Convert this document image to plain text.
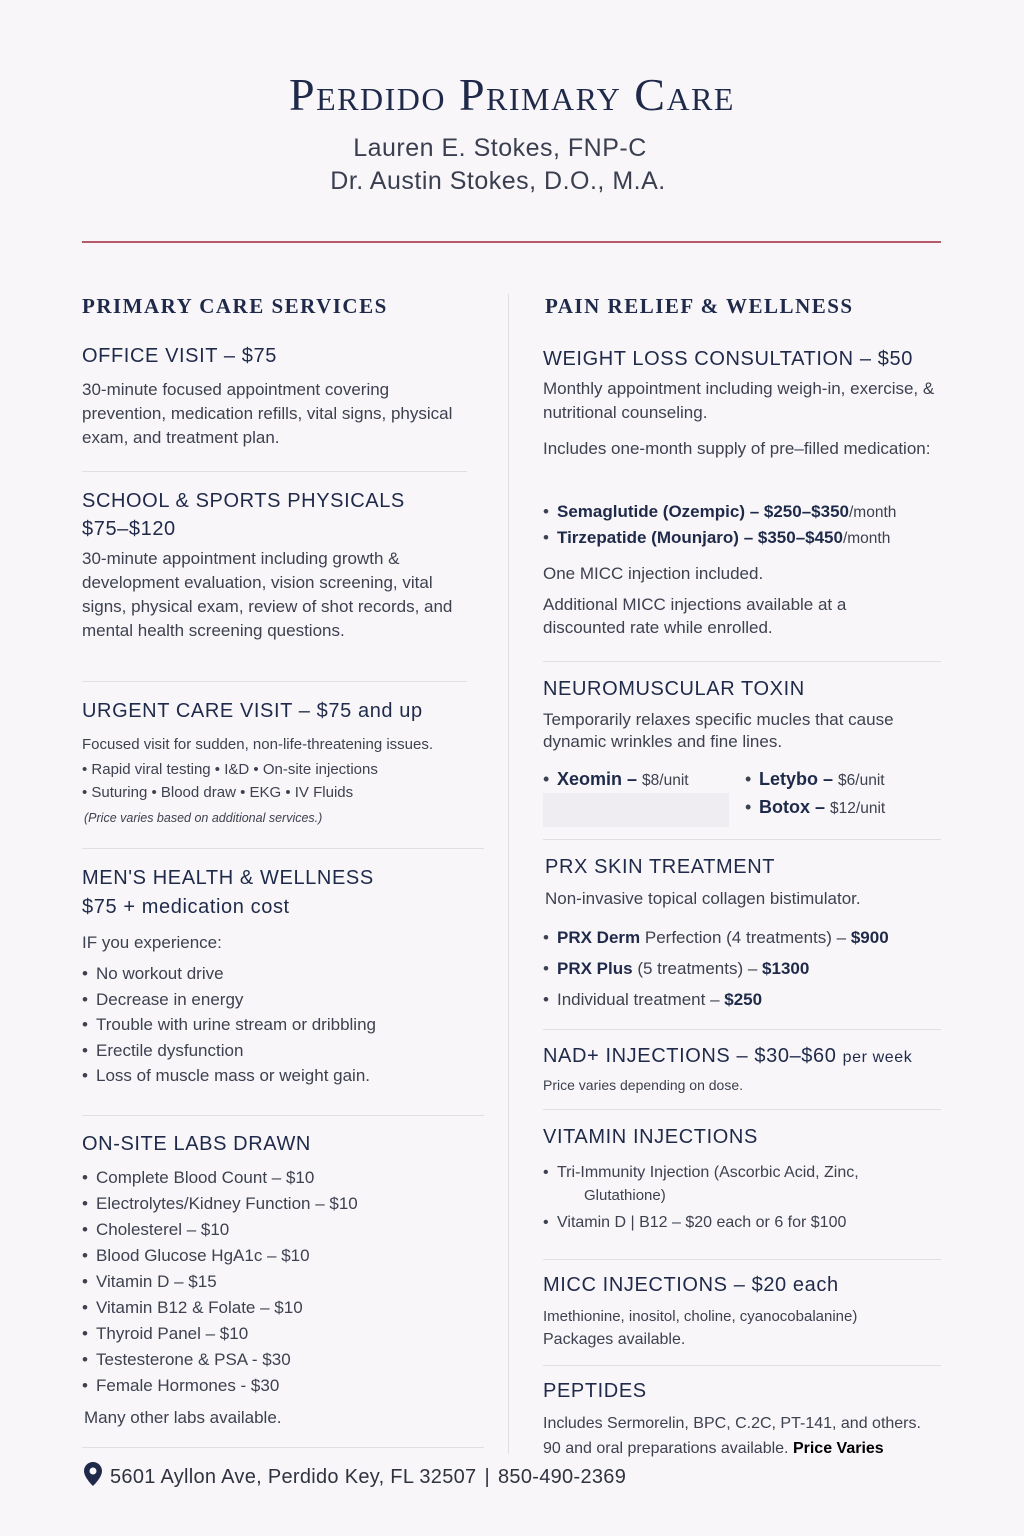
Perdido Primary Care
Lauren E. Stokes, FNP-C
Dr. Austin Stokes, D.O., M.A.
PRIMARY CARE SERVICES
OFFICE VISIT – $75
30-minute focused appointment covering prevention, medication refills, vital signs, physical exam, and treatment plan.
SCHOOL & SPORTS PHYSICALS
$75–$120
30-minute appointment including growth & development evaluation, vision screening, vital signs, physical exam, review of shot records, and mental health screening questions.
URGENT CARE VISIT – $75 and up
Focused visit for sudden, non-life-threatening issues.
• Rapid viral testing • I&D • On-site injections
• Suturing • Blood draw • EKG • IV Fluids
(Price varies based on additional services.)
MEN'S HEALTH & WELLNESS
$75 + medication cost
IF you experience:
• No workout drive
• Decrease in energy
• Trouble with urine stream or dribbling
• Erectile dysfunction
• Loss of muscle mass or weight gain.
ON-SITE LABS DRAWN
• Complete Blood Count – $10
• Electrolytes/Kidney Function – $10
• Cholesterel – $10
• Blood Glucose HgA1c – $10
• Vitamin D – $15
• Vitamin B12 & Folate – $10
• Thyroid Panel – $10
• Testesterone & PSA - $30
• Female Hormones - $30
Many other labs available.
PAIN RELIEF & WELLNESS
WEIGHT LOSS CONSULTATION – $50
Monthly appointment including weigh-in, exercise, & nutritional counseling.
Includes one-month supply of pre–filled medication:
• Semaglutide (Ozempic) – $250–$350/month
• Tirzepatide (Mounjaro) – $350–$450/month
One MICC injection included.
Additional MICC injections available at a discounted rate while enrolled.
NEUROMUSCULAR TOXIN
Temporarily relaxes specific mucles that cause dynamic wrinkles and fine lines.
• Xeomin – $8/unit
•	Letybo – $6/unit
• Botox – $12/unit
PRX SKIN TREATMENT
Non-invasive topical collagen bistimulator.
• PRX Derm Perfection (4 treatments) – $900
• PRX Plus (5 treatments) – $1300
• Individual treatment – $250
NAD+ INJECTIONS – $30–$60 per week
Price varies depending on dose.
VITAMIN INJECTIONS
• Tri-Immunity Injection (Ascorbic Acid, Zinc,
Glutathione)
• Vitamin D | B12 – $20 each or 6 for $100
MICC INJECTIONS – $20 each
Imethionine, inositol, choline, cyanocobalanine)
Packages available.
PEPTIDES
Includes Sermorelin, BPC, C.2C, PT-141, and others.
90 and oral preparations available. Price Varies
5601 Ayllon Ave, Perdido Key, FL 32507 | 850-490-2369
